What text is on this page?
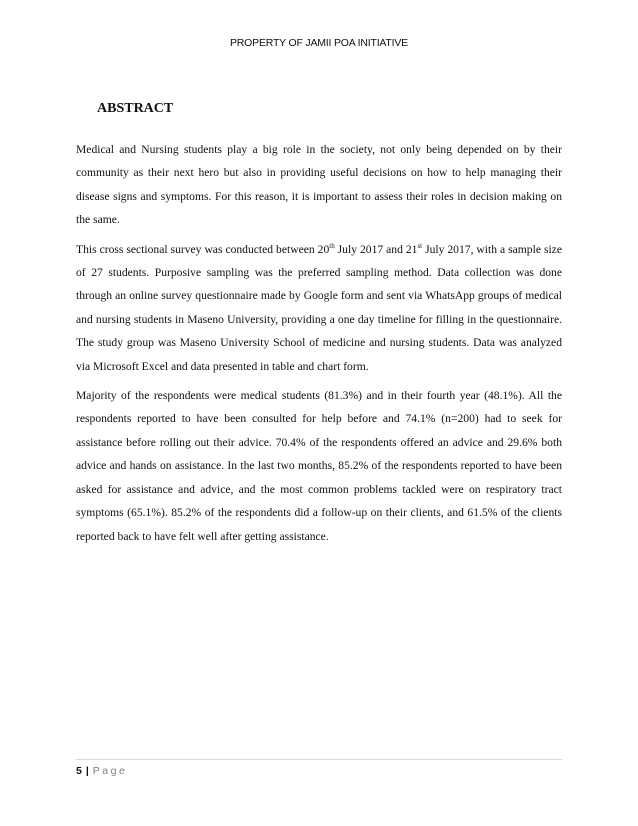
PROPERTY OF JAMII POA INITIATIVE
ABSTRACT

Medical and Nursing students play a big role in the society, not only being depended on by their community as their next hero but also in providing useful decisions on how to help managing their disease signs and symptoms. For this reason, it is important to assess their roles in decision making on the same.

This cross sectional survey was conducted between 20th July 2017 and 21st July 2017, with a sample size of 27 students. Purposive sampling was the preferred sampling method. Data collection was done through an online survey questionnaire made by Google form and sent via WhatsApp groups of medical and nursing students in Maseno University, providing a one day timeline for filling in the questionnaire. The study group was Maseno University School of medicine and nursing students. Data was analyzed via Microsoft Excel and data presented in table and chart form.

Majority of the respondents were medical students (81.3%) and in their fourth year (48.1%). All the respondents reported to have been consulted for help before and 74.1% (n=200) had to seek for assistance before rolling out their advice. 70.4% of the respondents offered an advice and 29.6% both advice and hands on assistance. In the last two months, 85.2% of the respondents reported to have been asked for assistance and advice, and the most common problems tackled were on respiratory tract symptoms (65.1%). 85.2% of the respondents did a follow-up on their clients, and 61.5% of the clients reported back to have felt well after getting assistance.

5 | Page
